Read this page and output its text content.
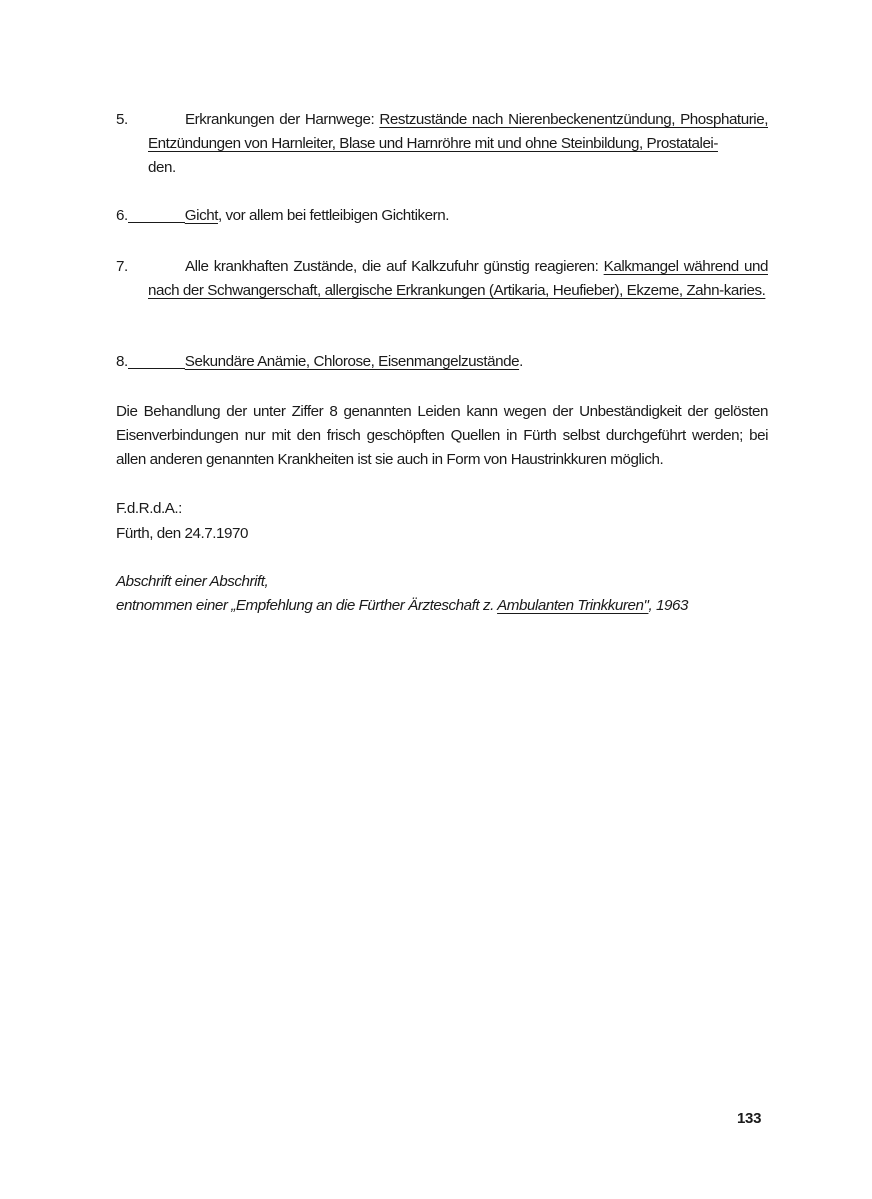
5.	Erkrankungen der Harnwege: Restzustände nach Nierenbeckenentzündung, Phosphaturie, Entzündungen von Harnleiter, Blase und Harnröhre mit und ohne Steinbildung, Prostatalei-
den.
6.	Gicht, vor allem bei fettleibigen Gichtikern.
7.	Alle krankhaften Zustände, die auf Kalkzufuhr günstig reagieren: Kalkmangel während und nach der Schwangerschaft, allergische Erkrankungen (Artikaria, Heufieber), Ekzeme, Zahn-karies.
8.	Sekundäre Anämie, Chlorose, Eisenmangelzustände.
Die Behandlung der unter Ziffer 8 genannten Leiden kann wegen der Unbeständigkeit der gelösten Eisenverbindungen nur mit den frisch geschöpften Quellen in Fürth selbst durchgeführt werden; bei allen anderen genannten Krankheiten ist sie auch in Form von Haustrinkkuren möglich.
F.d.R.d.A.:
Fürth, den 24.7.1970
Abschrift einer Abschrift,
entnommen einer „Empfehlung an die Fürther Ärzteschaft z. Ambulanten Trinkkuren", 1963
133
